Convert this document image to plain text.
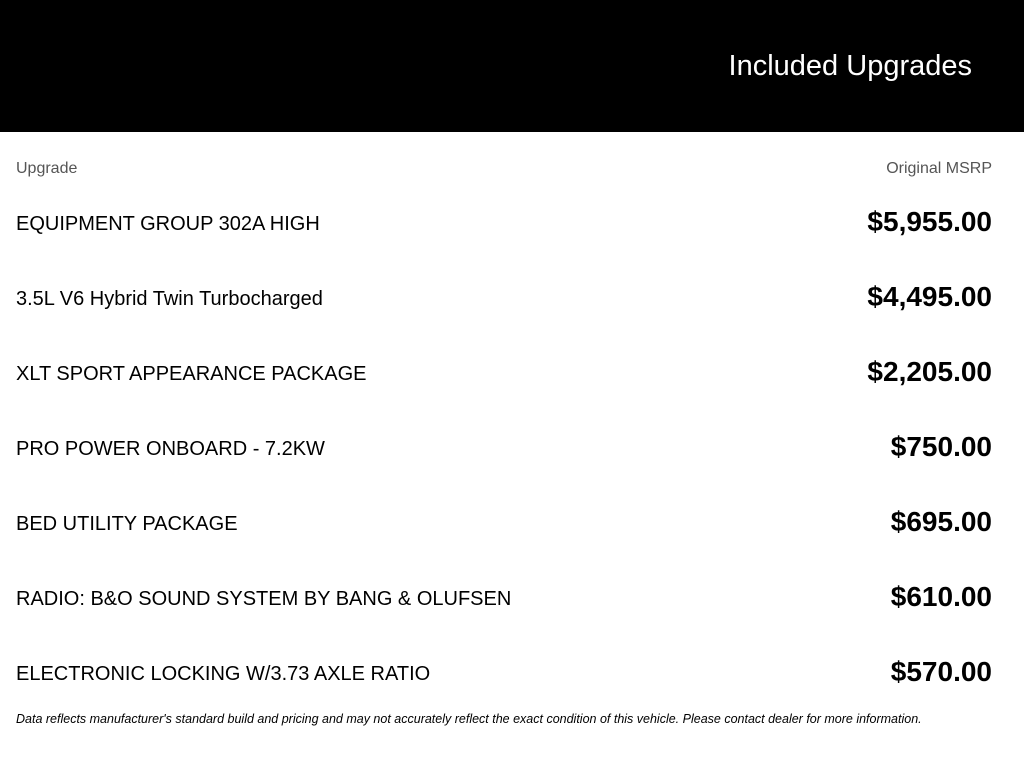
Included Upgrades
Upgrade	Original MSRP
EQUIPMENT GROUP 302A HIGH	$5,955.00
3.5L V6 Hybrid Twin Turbocharged	$4,495.00
XLT SPORT APPEARANCE PACKAGE	$2,205.00
PRO POWER ONBOARD - 7.2KW	$750.00
BED UTILITY PACKAGE	$695.00
RADIO: B&O SOUND SYSTEM BY BANG & OLUFSEN	$610.00
ELECTRONIC LOCKING W/3.73 AXLE RATIO	$570.00

Data reflects manufacturer's standard build and pricing and may not accurately reflect the exact condition of this vehicle. Please contact dealer for more information.
